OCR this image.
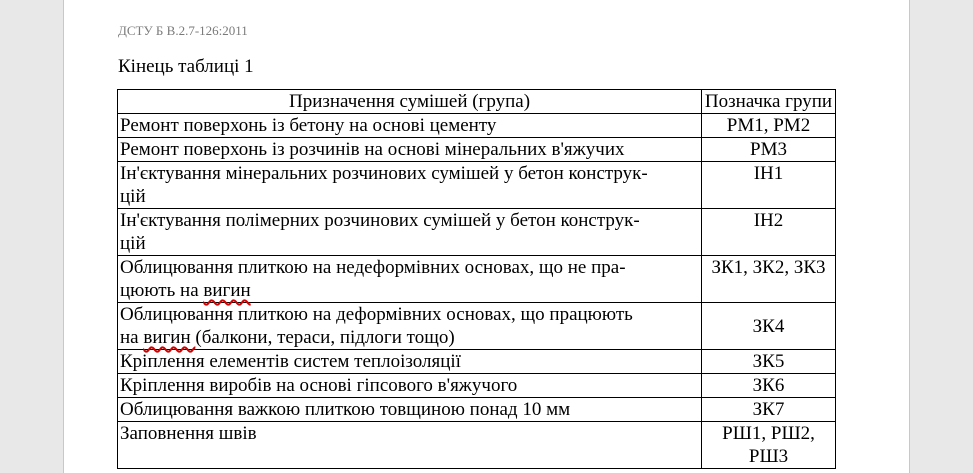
ДСТУ Б В.2.7-126:2011
Кінець таблиці 1
Призначення сумішей (група)	Позначка групи
Ремонт поверхонь із бетону на основі цементу	РМ1, РМ2
Ремонт поверхонь із розчинів на основі мінеральних в'яжучих	РМ3
Ін'єктування мінеральних розчинових сумішей у бетон конструк-
цій	ІН1
Ін'єктування полімерних розчинових сумішей у бетон конструк-
цій	ІН2
Облицювання плиткою на недеформівних основах, що не пра-
цюють на вигин	ЗК1, ЗК2, ЗК3
Облицювання плиткою на деформівних основах, що працюють
на вигин (балкони, тераси, підлоги тощо)	ЗК4
Кріплення елементів систем теплоізоляції	ЗК5
Кріплення виробів на основі гіпсового в'яжучого	ЗК6
Облицювання важкою плиткою товщиною понад 10 мм	ЗК7
Заповнення швів	РШ1, РШ2,
РШ3
